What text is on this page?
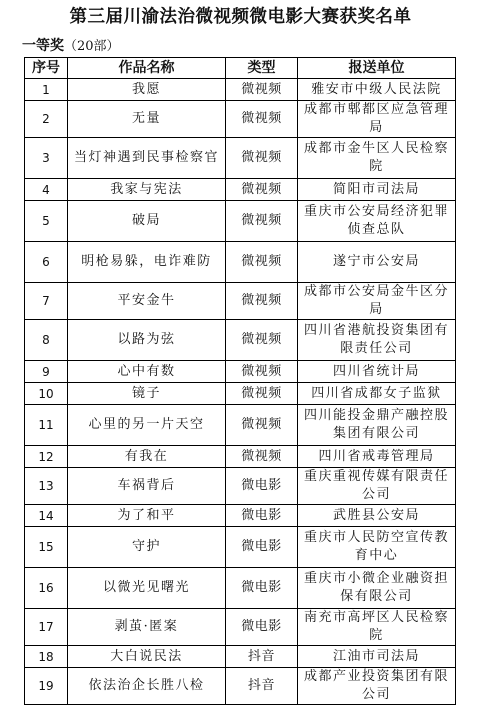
第三届川渝法治微视频微电影大赛获奖名单
一等奖（20部）
序号	作品名称	类型	报送单位
1	我愿	微视频	雅安市中级人民法院
2	无量	微视频	成都市郫都区应急管理局
3	当灯神遇到民事检察官	微视频	成都市金牛区人民检察院
4	我家与宪法	微视频	简阳市司法局
5	破局	微视频	重庆市公安局经济犯罪侦查总队
6	明枪易躲，电诈难防	微视频	遂宁市公安局
7	平安金牛	微视频	成都市公安局金牛区分局
8	以路为弦	微视频	四川省港航投资集团有限责任公司
9	心中有数	微视频	四川省统计局
10	镜子	微视频	四川省成都女子监狱
11	心里的另一片天空	微视频	四川能投金鼎产融控股集团有限公司
12	有我在	微视频	四川省戒毒管理局
13	车祸背后	微电影	重庆重视传媒有限责任公司
14	为了和平	微电影	武胜县公安局
15	守护	微电影	重庆市人民防空宣传教育中心
16	以微光见曙光	微电影	重庆市小微企业融资担保有限公司
17	剥茧·匿案	微电影	南充市高坪区人民检察院
18	大白说民法	抖音	江油市司法局
19	依法治企长胜八检	抖音	成都产业投资集团有限公司
